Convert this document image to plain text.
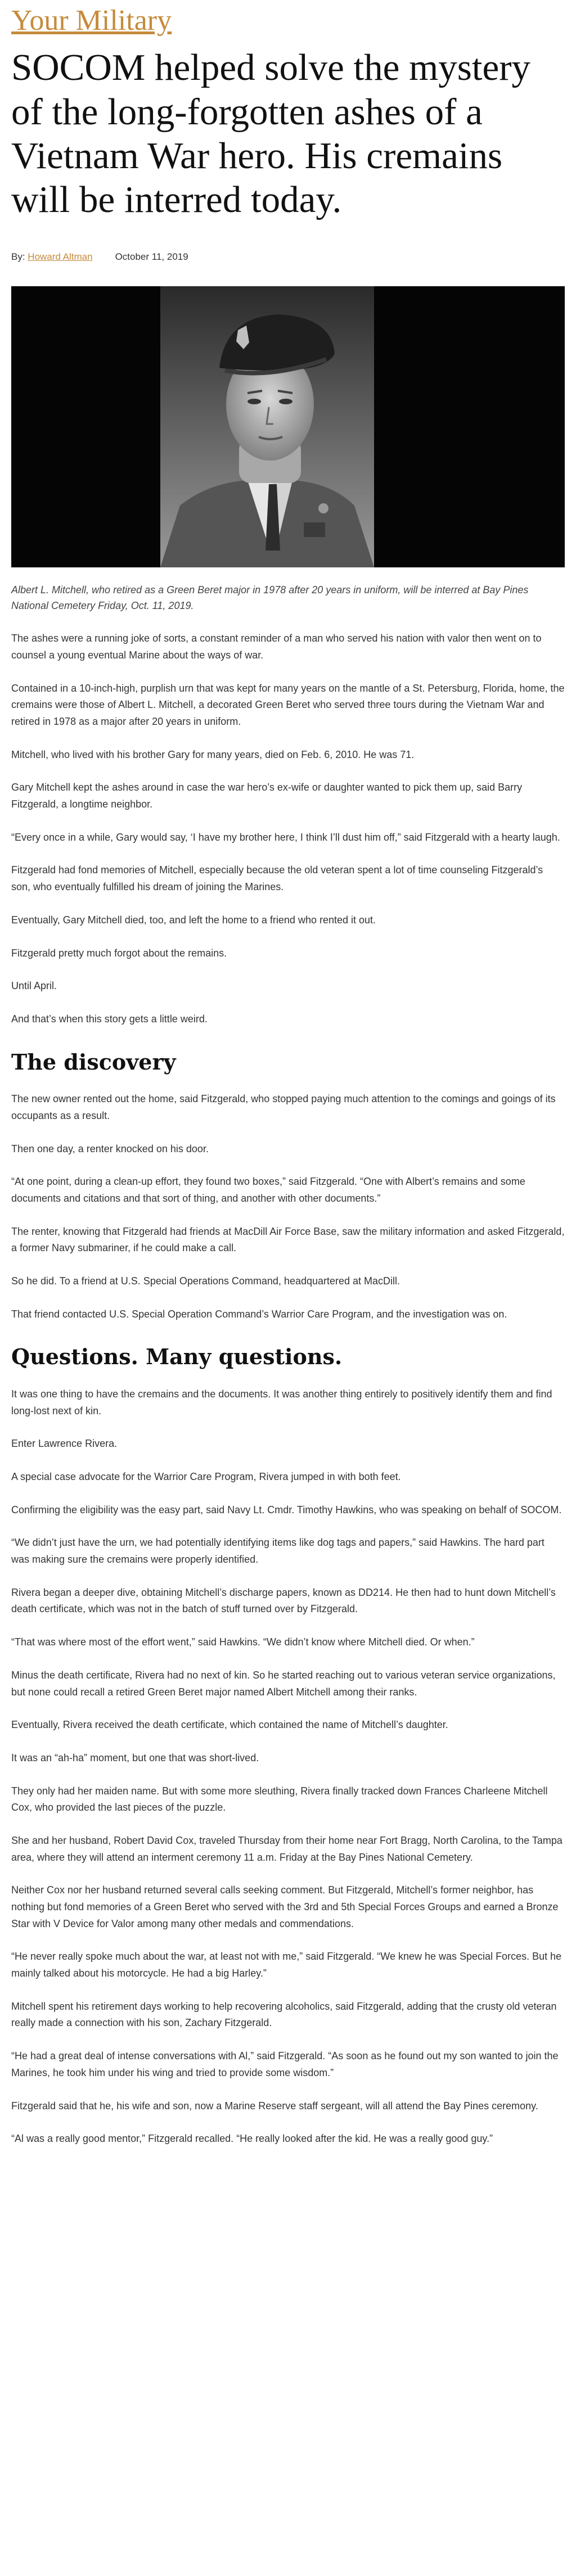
Your Military
SOCOM helped solve the mystery of the long-forgotten ashes of a Vietnam War hero. His cremains will be interred today.
By: Howard Altman October 11, 2019
Albert L. Mitchell, who retired as a Green Beret major in 1978 after 20 years in uniform, will be interred at Bay Pines National Cemetery Friday, Oct. 11, 2019.

The ashes were a running joke of sorts, a constant reminder of a man who served his nation with valor then went on to counsel a young eventual Marine about the ways of war.

Contained in a 10-inch-high, purplish urn that was kept for many years on the mantle of a St. Petersburg, Florida, home, the cremains were those of Albert L. Mitchell, a decorated Green Beret who served three tours during the Vietnam War and retired in 1978 as a major after 20 years in uniform.

Mitchell, who lived with his brother Gary for many years, died on Feb. 6, 2010. He was 71.

Gary Mitchell kept the ashes around in case the war hero’s ex-wife or daughter wanted to pick them up, said Barry Fitzgerald, a longtime neighbor.

“Every once in a while, Gary would say, ‘I have my brother here, I think I’ll dust him off,” said Fitzgerald with a hearty laugh.

Fitzgerald had fond memories of Mitchell, especially because the old veteran spent a lot of time counseling Fitzgerald’s son, who eventually fulfilled his dream of joining the Marines.

Eventually, Gary Mitchell died, too, and left the home to a friend who rented it out.

Fitzgerald pretty much forgot about the remains.

Until April.

And that’s when this story gets a little weird.

The discovery

The new owner rented out the home, said Fitzgerald, who stopped paying much attention to the comings and goings of its occupants as a result.

Then one day, a renter knocked on his door.

“At one point, during a clean-up effort, they found two boxes,” said Fitzgerald. “One with Albert’s remains and some documents and citations and that sort of thing, and another with other documents.”

The renter, knowing that Fitzgerald had friends at MacDill Air Force Base, saw the military information and asked Fitzgerald, a former Navy submariner, if he could make a call.

So he did. To a friend at U.S. Special Operations Command, headquartered at MacDill.

That friend contacted U.S. Special Operation Command’s Warrior Care Program, and the investigation was on.

Questions. Many questions.

It was one thing to have the cremains and the documents. It was another thing entirely to positively identify them and find long-lost next of kin.

Enter Lawrence Rivera.

A special case advocate for the Warrior Care Program, Rivera jumped in with both feet.

Confirming the eligibility was the easy part, said Navy Lt. Cmdr. Timothy Hawkins, who was speaking on behalf of SOCOM.

“We didn’t just have the urn, we had potentially identifying items like dog tags and papers,” said Hawkins. The hard part was making sure the cremains were properly identified.

Rivera began a deeper dive, obtaining Mitchell’s discharge papers, known as DD214. He then had to hunt down Mitchell’s death certificate, which was not in the batch of stuff turned over by Fitzgerald.

“That was where most of the effort went,” said Hawkins. “We didn’t know where Mitchell died. Or when.”

Minus the death certificate, Rivera had no next of kin. So he started reaching out to various veteran service organizations, but none could recall a retired Green Beret major named Albert Mitchell among their ranks.

Eventually, Rivera received the death certificate, which contained the name of Mitchell’s daughter.

It was an “ah-ha” moment, but one that was short-lived.

They only had her maiden name. But with some more sleuthing, Rivera finally tracked down Frances Charleene Mitchell Cox, who provided the last pieces of the puzzle.

She and her husband, Robert David Cox, traveled Thursday from their home near Fort Bragg, North Carolina, to the Tampa area, where they will attend an interment ceremony 11 a.m. Friday at the Bay Pines National Cemetery.

Neither Cox nor her husband returned several calls seeking comment. But Fitzgerald, Mitchell’s former neighbor, has nothing but fond memories of a Green Beret who served with the 3rd and 5th Special Forces Groups and earned a Bronze Star with V Device for Valor among many other medals and commendations.

“He never really spoke much about the war, at least not with me,” said Fitzgerald. “We knew he was Special Forces. But he mainly talked about his motorcycle. He had a big Harley.”

Mitchell spent his retirement days working to help recovering alcoholics, said Fitzgerald, adding that the crusty old veteran really made a connection with his son, Zachary Fitzgerald.

“He had a great deal of intense conversations with Al,” said Fitzgerald. “As soon as he found out my son wanted to join the Marines, he took him under his wing and tried to provide some wisdom.”

Fitzgerald said that he, his wife and son, now a Marine Reserve staff sergeant, will all attend the Bay Pines ceremony.

“Al was a really good mentor,” Fitzgerald recalled. “He really looked after the kid. He was a really good guy.”
